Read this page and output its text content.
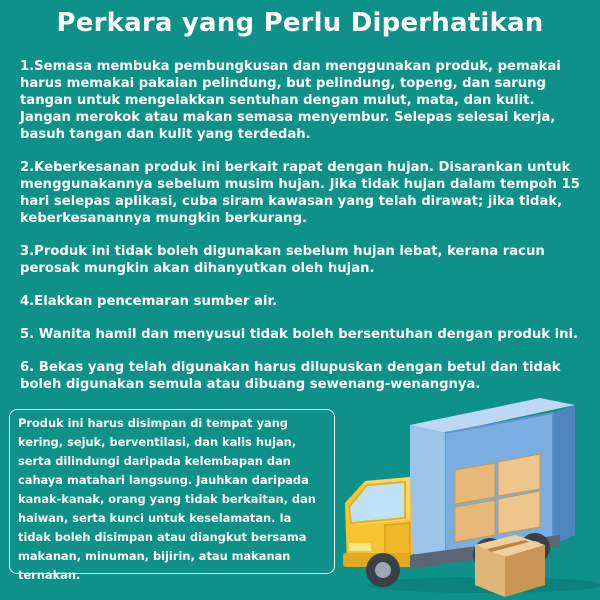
Perkara yang Perlu Diperhatikan

1.Semasa membuka pembungkusan dan menggunakan produk, pemakai harus memakai pakaian pelindung, but pelindung, topeng, dan sarung tangan untuk mengelakkan sentuhan dengan mulut, mata, dan kulit. Jangan merokok atau makan semasa menyembur. Selepas selesai kerja, basuh tangan dan kulit yang terdedah.

2.Keberkesanan produk ini berkait rapat dengan hujan. Disarankan untuk menggunakannya sebelum musim hujan. Jika tidak hujan dalam tempoh 15 hari selepas aplikasi, cuba siram kawasan yang telah dirawat; jika tidak, keberkesanannya mungkin berkurang.

3.Produk ini tidak boleh digunakan sebelum hujan lebat, kerana racun perosak mungkin akan dihanyutkan oleh hujan.

4.Elakkan pencemaran sumber air.

5. Wanita hamil dan menyusui tidak boleh bersentuhan dengan produk ini.

6. Bekas yang telah digunakan harus dilupuskan dengan betul dan tidak boleh digunakan semula atau dibuang sewenang-wenangnya.

Produk ini harus disimpan di tempat yang kering, sejuk, berventilasi, dan kalis hujan, serta dilindungi daripada kelembapan dan cahaya matahari langsung. Jauhkan daripada kanak-kanak, orang yang tidak berkaitan, dan haiwan, serta kunci untuk keselamatan. Ia tidak boleh disimpan atau diangkut bersama makanan, minuman, bijirin, atau makanan ternakan.
